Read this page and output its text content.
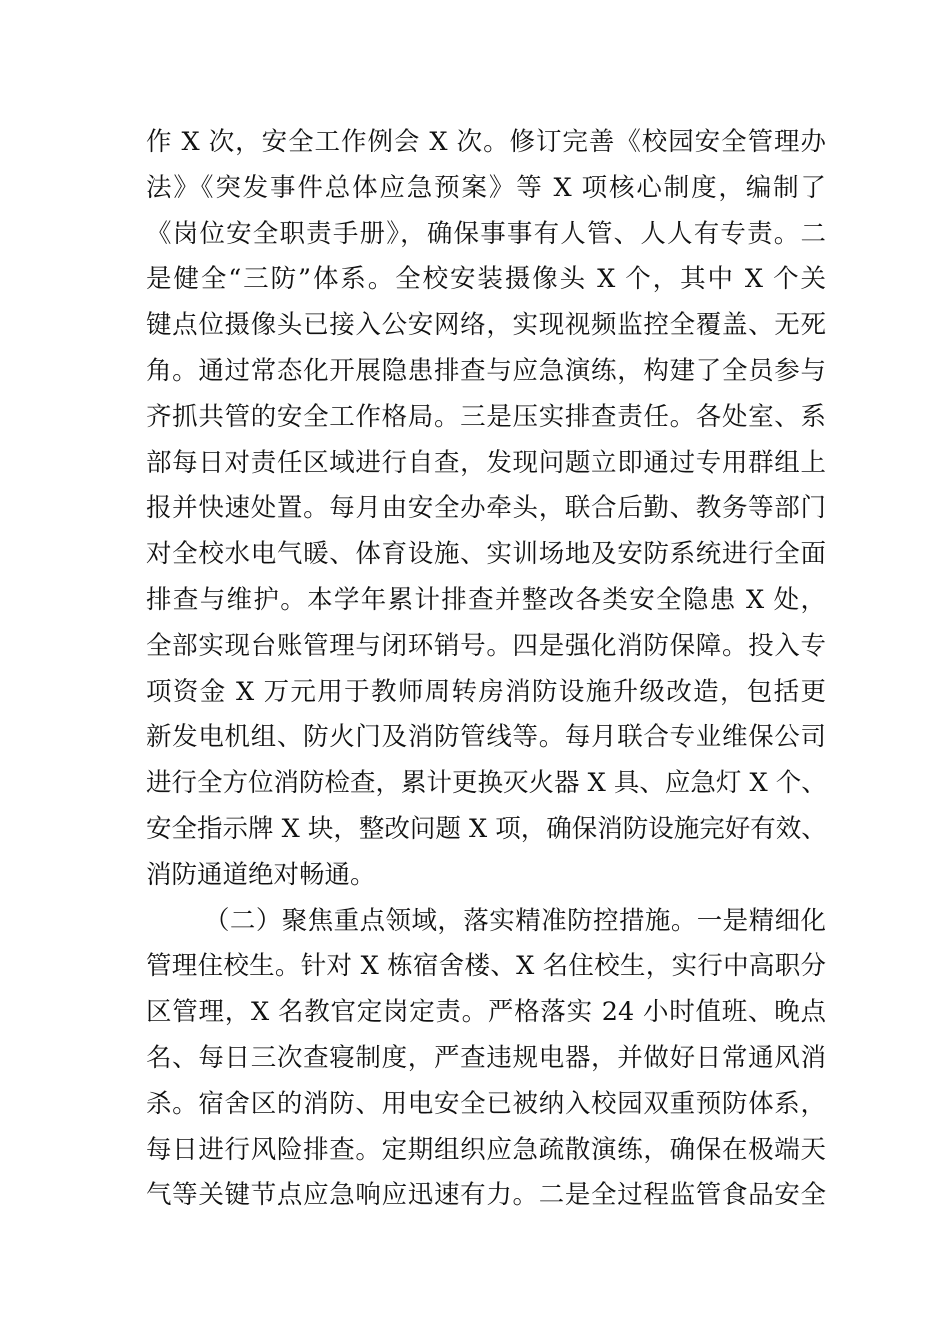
作 X 次，安全工作例会 X 次。修订完善《校园安全管理办
法》《突发事件总体应急预案》等 X 项核心制度，编制了
《岗位安全职责手册》，确保事事有人管、人人有专责。二
是健全“三防”体系。全校安装摄像头 X 个，其中 X 个关
键点位摄像头已接入公安网络，实现视频监控全覆盖、无死
角。通过常态化开展隐患排查与应急演练，构建了全员参与
齐抓共管的安全工作格局。三是压实排查责任。各处室、系
部每日对责任区域进行自查，发现问题立即通过专用群组上
报并快速处置。每月由安全办牵头，联合后勤、教务等部门
对全校水电气暖、体育设施、实训场地及安防系统进行全面
排查与维护。本学年累计排查并整改各类安全隐患 X 处，
全部实现台账管理与闭环销号。四是强化消防保障。投入专
项资金 X 万元用于教师周转房消防设施升级改造，包括更
新发电机组、防火门及消防管线等。每月联合专业维保公司
进行全方位消防检查，累计更换灭火器 X 具、应急灯 X 个、
安全指示牌 X 块，整改问题 X 项，确保消防设施完好有效、
消防通道绝对畅通。
（二）聚焦重点领域，落实精准防控措施。一是精细化
管理住校生。针对 X 栋宿舍楼、X 名住校生，实行中高职分
区管理，X 名教官定岗定责。严格落实 24 小时值班、晚点
名、每日三次查寝制度，严查违规电器，并做好日常通风消
杀。宿舍区的消防、用电安全已被纳入校园双重预防体系，
每日进行风险排查。定期组织应急疏散演练，确保在极端天
气等关键节点应急响应迅速有力。二是全过程监管食品安全
